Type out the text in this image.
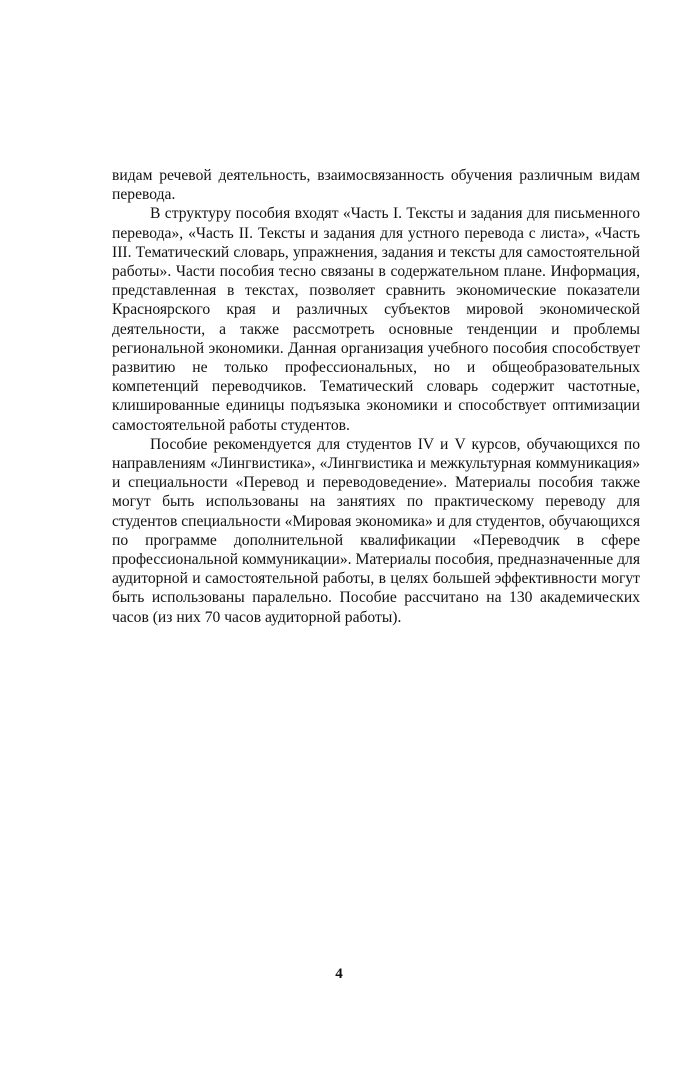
видам речевой деятельность, взаимосвязанность обучения различным видам перевода.

В структуру пособия входят «Часть I. Тексты и задания для письменного перевода», «Часть II. Тексты и задания для устного перевода с листа», «Часть III. Тематический словарь, упражнения, задания и тексты для самостоятельной работы». Части пособия тесно связаны в содержательном плане. Информация, представленная в текстах, позволяет сравнить экономические показатели Красноярского края и различных субъектов мировой экономической деятельности, а также рассмотреть основные тенденции и проблемы региональной экономики. Данная организация учебного пособия способствует развитию не только профессиональных, но и общеобразовательных компетенций переводчиков. Тематический словарь содержит частотные, клишированные единицы подъязыка экономики и способствует оптимизации самостоятельной работы студентов.

Пособие рекомендуется для студентов IV и V курсов, обучающихся по направлениям «Лингвистика», «Лингвистика и межкультурная коммуникация» и специальности «Перевод и переводоведение». Материалы пособия также могут быть использованы на занятиях по практическому переводу для студентов специальности «Мировая экономика» и для студентов, обучающихся по программе дополнительной квалификации «Переводчик в сфере профессиональной коммуникации». Материалы пособия, предназначенные для аудиторной и самостоятельной работы, в целях большей эффективности могут быть использованы паралельно. Пособие рассчитано на 130 академических часов (из них 70 часов аудиторной работы).

4
